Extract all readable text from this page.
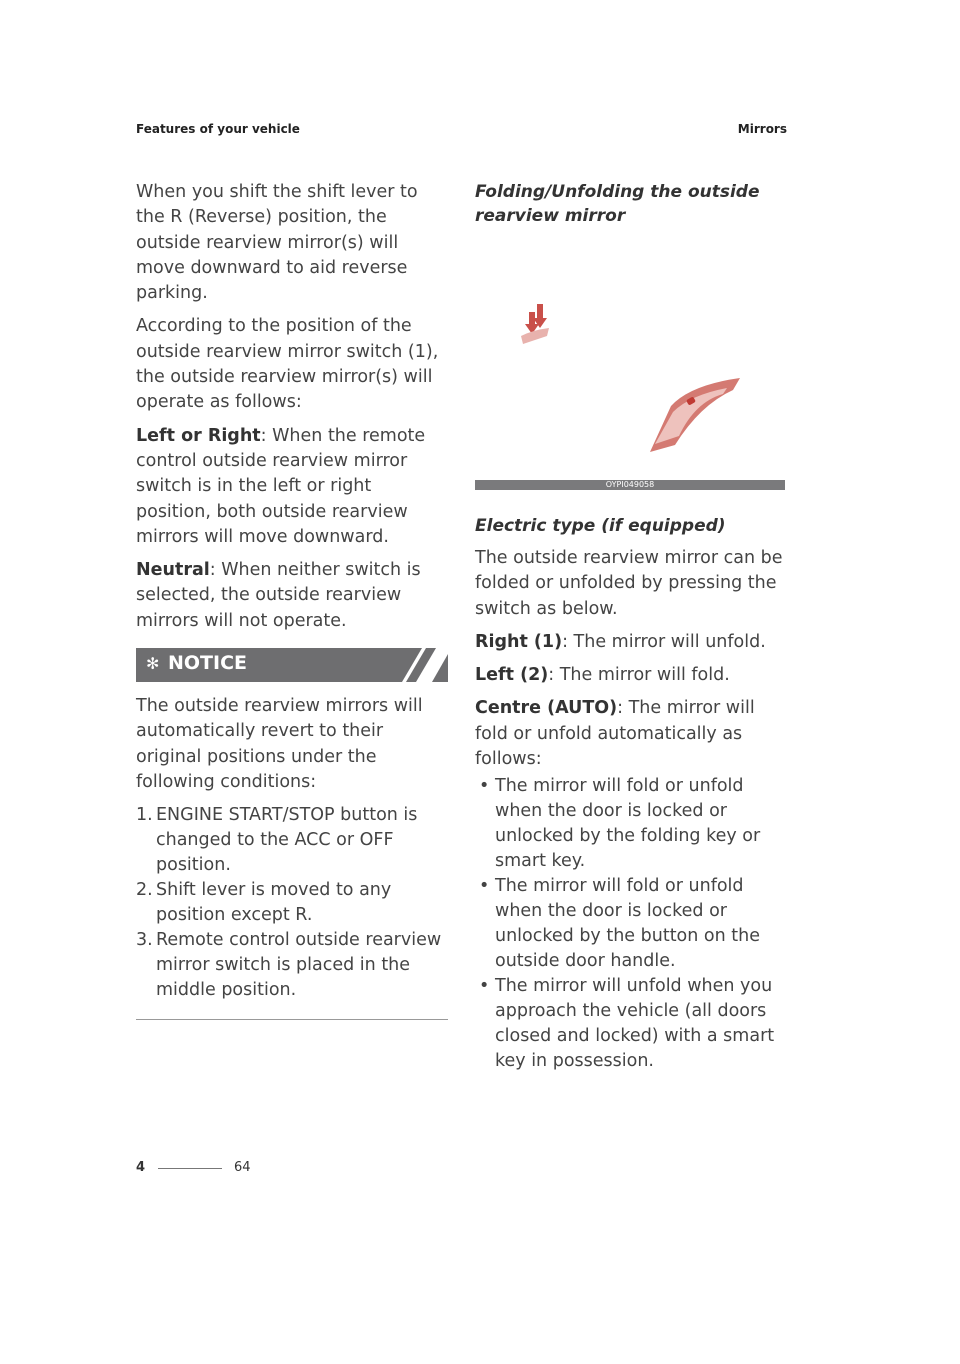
Features of your vehicle	Mirrors

When you shift the shift lever to the R (Reverse) position, the outside rearview mirror(s) will move downward to aid reverse parking.

According to the position of the outside rearview mirror switch (1), the outside rearview mirror(s) will operate as follows:

Left or Right: When the remote control outside rearview mirror switch is in the left or right position, both outside rearview mirrors will move downward.

Neutral: When neither switch is selected, the outside rearview mirrors will not operate.

✻ NOTICE

The outside rearview mirrors will automatically revert to their original positions under the following conditions:

1. ENGINE START/STOP button is changed to the ACC or OFF position.
2. Shift lever is moved to any position except R.
3. Remote control outside rearview mirror switch is placed in the middle position.
Folding/Unfolding the outside rearview mirror
OYPI049058
Electric type (if equipped)

The outside rearview mirror can be folded or unfolded by pressing the switch as below.

Right (1): The mirror will unfold.

Left (2): The mirror will fold.

Centre (AUTO): The mirror will fold or unfold automatically as follows:

• The mirror will fold or unfold when the door is locked or unlocked by the folding key or smart key.
• The mirror will fold or unfold when the door is locked or unlocked by the button on the outside door handle.
• The mirror will unfold when you approach the vehicle (all doors closed and locked) with a smart key in possession.
4	64
